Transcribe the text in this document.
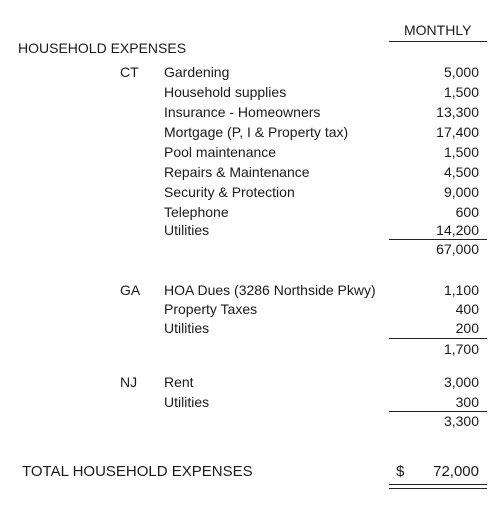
MONTHLY
HOUSEHOLD EXPENSES
CT Gardening	5,000
Household supplies	1,500
Insurance - Homeowners	13,300
Mortgage (P, I & Property tax)	17,400
Pool maintenance	1,500
Repairs & Maintenance	4,500
Security & Protection	9,000
Telephone	600
Utilities	14,200
67,000
GA HOA Dues (3286 Northside Pkwy)	1,100
Property Taxes	400
Utilities	200
1,700
NJ Rent	3,000
Utilities	300
3,300
TOTAL HOUSEHOLD EXPENSES	$	72,000
